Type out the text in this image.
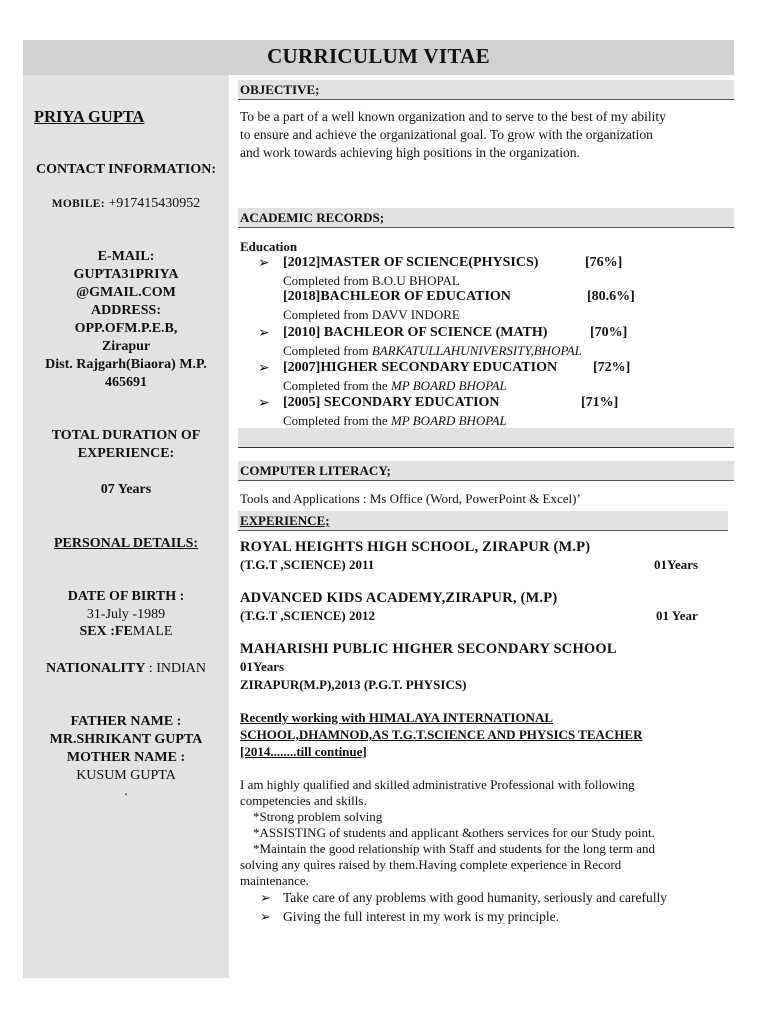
CURRICULUM VITAE
PRIYA GUPTA
CONTACT INFORMATION:
MOBILE: +917415430952
E-MAIL:
GUPTA31PRIYA
@GMAIL.COM
ADDRESS:
OPP.OFM.P.E.B,
Zirapur
Dist. Rajgarh(Biaora) M.P.
465691
TOTAL DURATION OF
EXPERIENCE:
07 Years
PERSONAL DETAILS:
DATE OF BIRTH :
31-July -1989
SEX :FEMALE
NATIONALITY : INDIAN
FATHER NAME :
MR.SHRIKANT GUPTA
MOTHER NAME :
KUSUM GUPTA
.
OBJECTIVE;
To be a part of a well known organization and to serve to the best of my ability
to ensure and achieve the organizational goal. To grow with the organization
and work towards achieving high positions in the organization.
ACADEMIC RECORDS;
Education
➢ [2012]MASTER OF SCIENCE(PHYSICS)	[76%]
Completed from B.O.U BHOPAL
[2018]BACHLEOR OF EDUCATION	[80.6%]
Completed from DAVV INDORE
➢ [2010] BACHLEOR OF SCIENCE (MATH)	[70%]
Completed from BARKATULLAHUNIVERSITY,BHOPAL
➢ [2007]HIGHER SECONDARY EDUCATION	[72%]
Completed from the MP BOARD BHOPAL
➢ [2005] SECONDARY EDUCATION	[71%]
Completed from the MP BOARD BHOPAL
COMPUTER LITERACY;
Tools and Applications : Ms Office (Word, PowerPoint & Excel)’
EXPERIENCE;
ROYAL HEIGHTS HIGH SCHOOL, ZIRAPUR (M.P)
(T.G.T ,SCIENCE) 2011	01Years
ADVANCED KIDS ACADEMY,ZIRAPUR, (M.P)
(T.G.T ,SCIENCE) 2012	01 Year
MAHARISHI PUBLIC HIGHER SECONDARY SCHOOL
01Years
ZIRAPUR(M.P),2013 (P.G.T. PHYSICS)
Recently working with HIMALAYA INTERNATIONAL
SCHOOL,DHAMNOD,AS T.G.T.SCIENCE AND PHYSICS TEACHER
[2014........till continue]
I am highly qualified and skilled administrative Professional with following
competencies and skills.
*Strong problem solving
*ASSISTING of students and applicant &others services for our Study point.
*Maintain the good relationship with Staff and students for the long term and
solving any quires raised by them.Having complete experience in Record
maintenance.
➢ Take care of any problems with good humanity, seriously and carefully
➢ Giving the full interest in my work is my principle.
